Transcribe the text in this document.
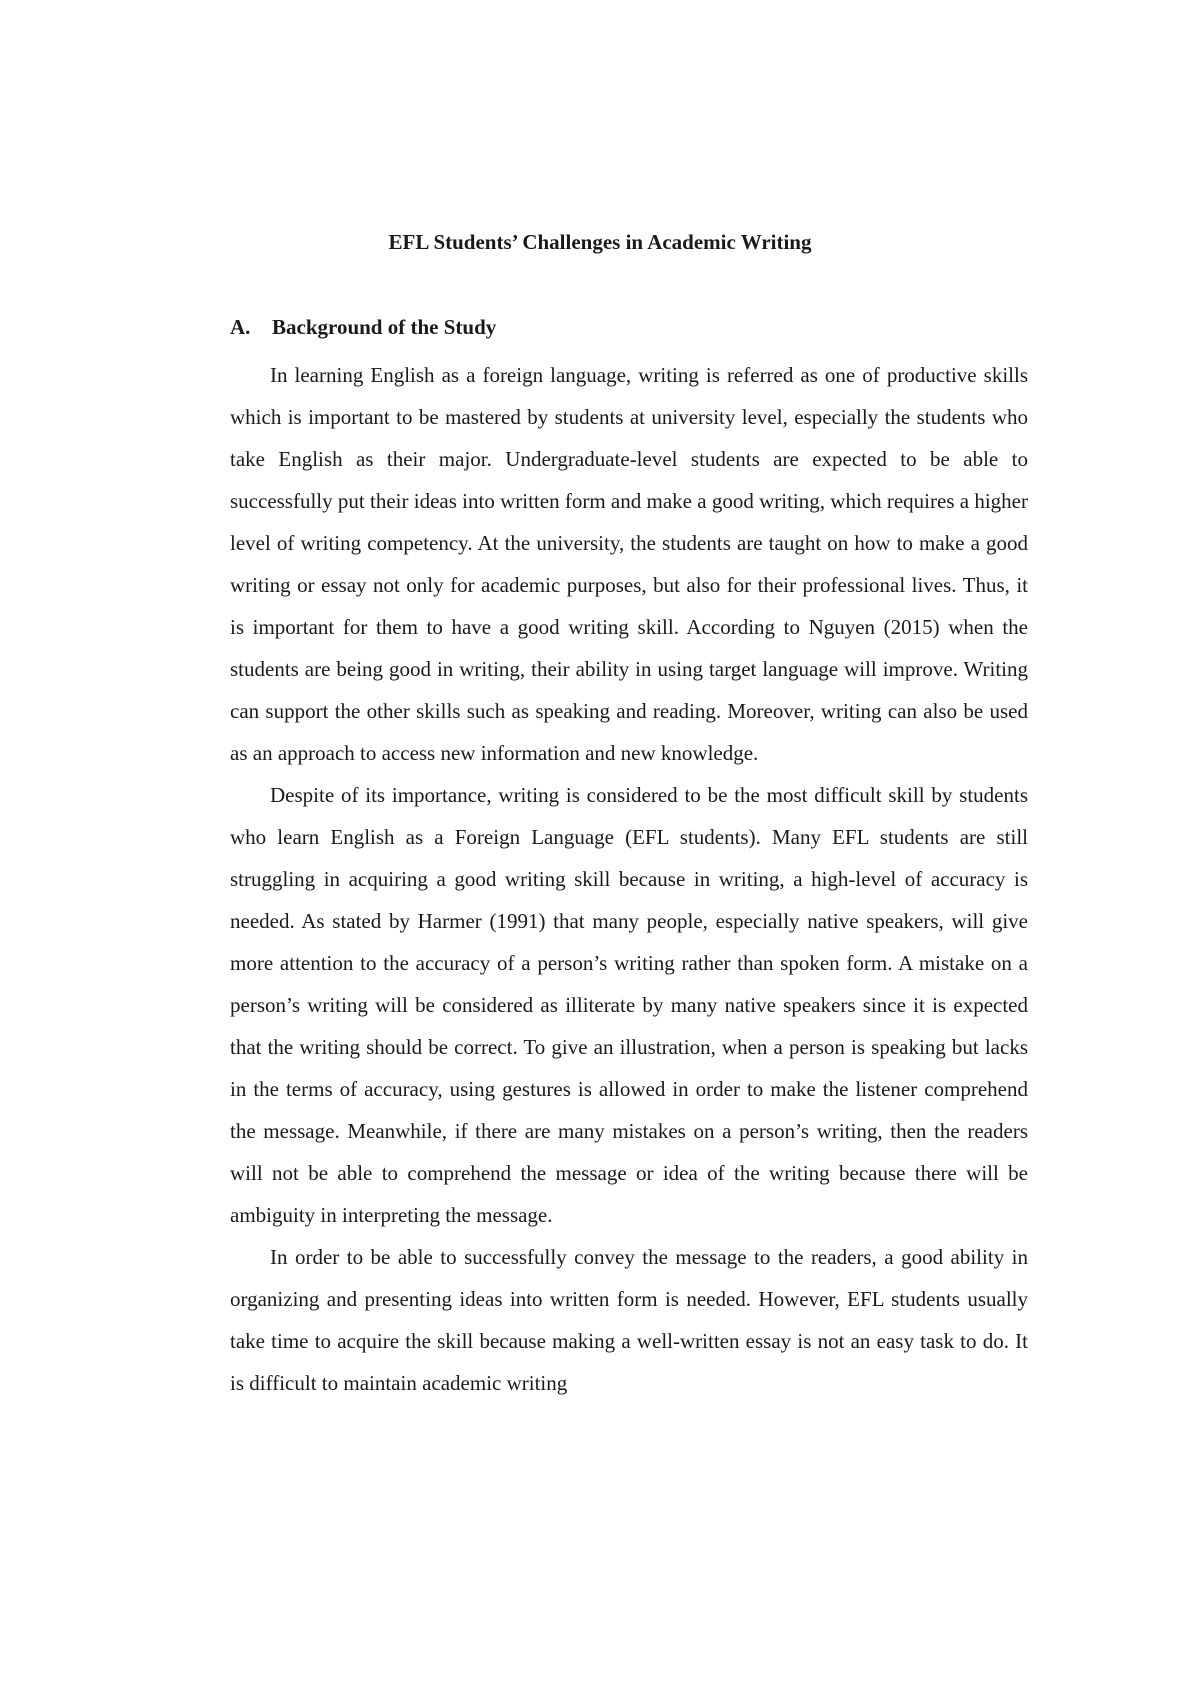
EFL Students’ Challenges in Academic Writing
A. Background of the Study

In learning English as a foreign language, writing is referred as one of productive skills which is important to be mastered by students at university level, especially the students who take English as their major. Undergraduate-level students are expected to be able to successfully put their ideas into written form and make a good writing, which requires a higher level of writing competency. At the university, the students are taught on how to make a good writing or essay not only for academic purposes, but also for their professional lives. Thus, it is important for them to have a good writing skill. According to Nguyen (2015) when the students are being good in writing, their ability in using target language will improve. Writing can support the other skills such as speaking and reading. Moreover, writing can also be used as an approach to access new information and new knowledge.

Despite of its importance, writing is considered to be the most difficult skill by students who learn English as a Foreign Language (EFL students). Many EFL students are still struggling in acquiring a good writing skill because in writing, a high-level of accuracy is needed. As stated by Harmer (1991) that many people, especially native speakers, will give more attention to the accuracy of a person’s writing rather than spoken form. A mistake on a person’s writing will be considered as illiterate by many native speakers since it is expected that the writing should be correct. To give an illustration, when a person is speaking but lacks in the terms of accuracy, using gestures is allowed in order to make the listener comprehend the message. Meanwhile, if there are many mistakes on a person’s writing, then the readers will not be able to comprehend the message or idea of the writing because there will be ambiguity in interpreting the message.

In order to be able to successfully convey the message to the readers, a good ability in organizing and presenting ideas into written form is needed. However, EFL students usually take time to acquire the skill because making a well-written essay is not an easy task to do. It is difficult to maintain academic writing
